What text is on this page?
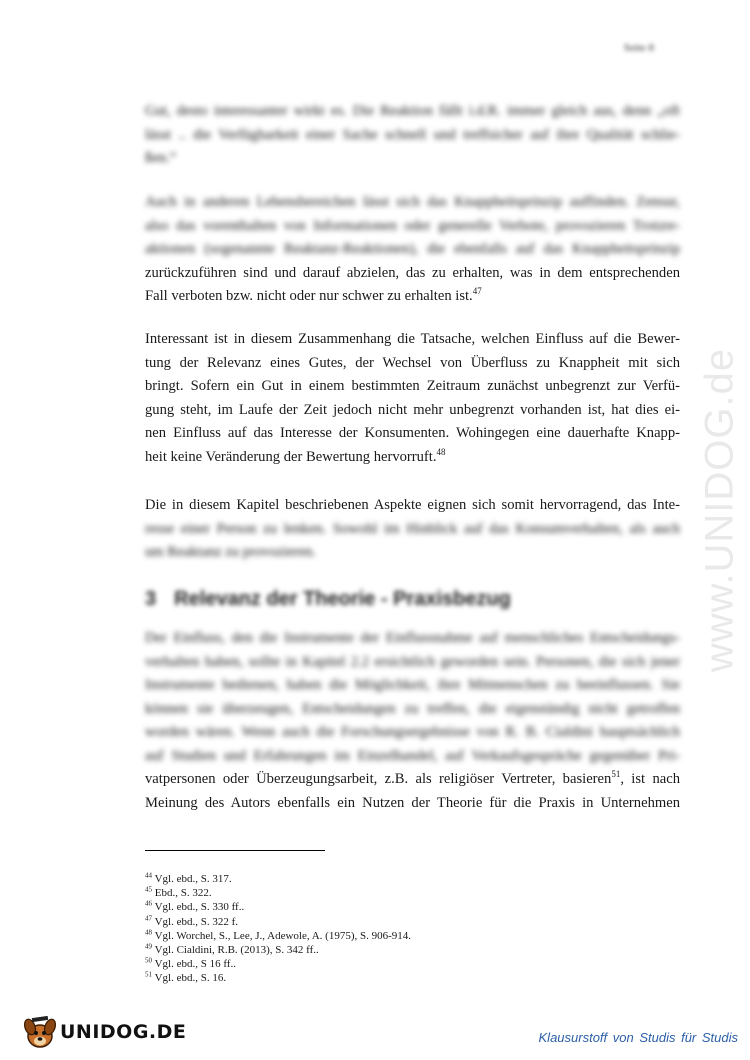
Seite 8
www.UNIDOG.de
Gut, desto interessanter wirkt es. Die Reaktion fällt i.d.R. immer gleich aus, denn „oft
lässt .. die Verfügbarkeit einer Sache schnell und treffsicher auf ihre Qualität schlie-
ßen.“
Auch in anderen Lebensbereichen lässt sich das Knappheitsprinzip auffinden. Zensur,
also das vorenthalten von Informationen oder generelle Verbote, provozieren Trotzre-
aktionen (sogenannte Reaktanz-Reaktionen), die ebenfalls auf das Knappheitsprinzip
zurückzuführen sind und darauf abzielen, das zu erhalten, was in dem entsprechenden
Fall verboten bzw. nicht oder nur schwer zu erhalten ist.$^{47}$
Interessant ist in diesem Zusammenhang die Tatsache, welchen Einfluss auf die Bewer-
tung der Relevanz eines Gutes, der Wechsel von Überfluss zu Knappheit mit sich
bringt. Sofern ein Gut in einem bestimmten Zeitraum zunächst unbegrenzt zur Verfü-
gung steht, im Laufe der Zeit jedoch nicht mehr unbegrenzt vorhanden ist, hat dies ei-
nen Einfluss auf das Interesse der Konsumenten. Wohingegen eine dauerhafte Knapp-
heit keine Veränderung der Bewertung hervorruft.$^{48}$
Die in diesem Kapitel beschriebenen Aspekte eignen sich somit hervorragend, das Inte-
resse einer Person zu lenken. Sowohl im Hinblick auf das Konsumverhalten, als auch
um Reaktanz zu provozieren.
3 Relevanz der Theorie - Praxisbezug
Der Einfluss, den die Instrumente der Einflussnahme auf menschliches Entscheidungs-
verhalten haben, sollte in Kapitel 2.2 ersichtlich geworden sein. Personen, die sich jener
Instrumente bedienen, haben die Möglichkeit, ihre Mitmenschen zu beeinflussen. Sie
können sie überzeugen, Entscheidungen zu treffen, die eigenständig nicht getroffen
worden wären. Wenn auch die Forschungsergebnisse von R. B. Cialdini hauptsächlich
auf Studien und Erfahrungen im Einzelhandel, auf Verkaufsgespräche gegenüber Pri-
vatpersonen oder Überzeugungsarbeit, z.B. als religiöser Vertreter, basieren$^{51}$, ist nach
Meinung des Autors ebenfalls ein Nutzen der Theorie für die Praxis in Unternehmen
$^{44}$ Vgl. ebd., S. 317.
$^{45}$ Ebd., S. 322.
$^{46}$ Vgl. ebd., S. 330 ff..
$^{47}$ Vgl. ebd., S. 322 f.
$^{48}$ Vgl. Worchel, S., Lee, J., Adewole, A. (1975), S. 906-914.
$^{49}$ Vgl. Cialdini, R.B. (2013), S. 342 ff..
$^{50}$ Vgl. ebd., S 16 ff..
$^{51}$ Vgl. ebd., S. 16.
UNIDOG.DE	Klausurstoff von Studis für Studis
